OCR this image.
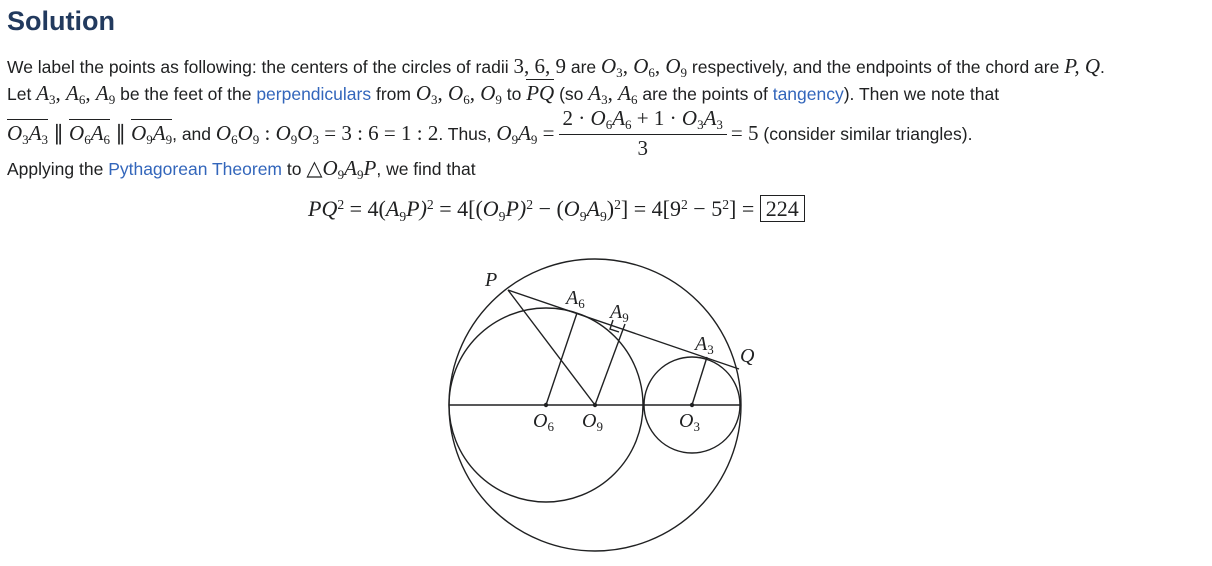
Solution
We label the points as following: the centers of the circles of radii 3, 6, 9 are $O_3$, $O_6$, $O_9$ respectively, and the endpoints of the chord are P, Q.
Let $A_3$, $A_6$, $A_9$ be the feet of the perpendiculars from $O_3$, $O_6$, $O_9$ to PQ (so $A_3$, $A_6$ are the points of tangency). Then we note that
$O_3A_3$ ∥ $O_6A_6$ ∥ $O_9A_9$, and $O_6O_9$ : $O_9O_3 = 3$ : 6 = 1 : 2. Thus, $O_9A_9 = \frac{2 \cdot O_6A_6 + 1 \cdot O_3A_3}{3} = 5$ (consider similar triangles).
Applying the Pythagorean Theorem to $\triangle O_9A_9P$, we find that
$PQ^2 = 4(A_9P)^2 = 4[(O_9P)^2 - (O_9A_9)^2] = 4[9^2 - 5^2] = 224$
P
Q
$A_6$ $A_9$
$A_3$
$O_6$ $O_9$	$O_3$
